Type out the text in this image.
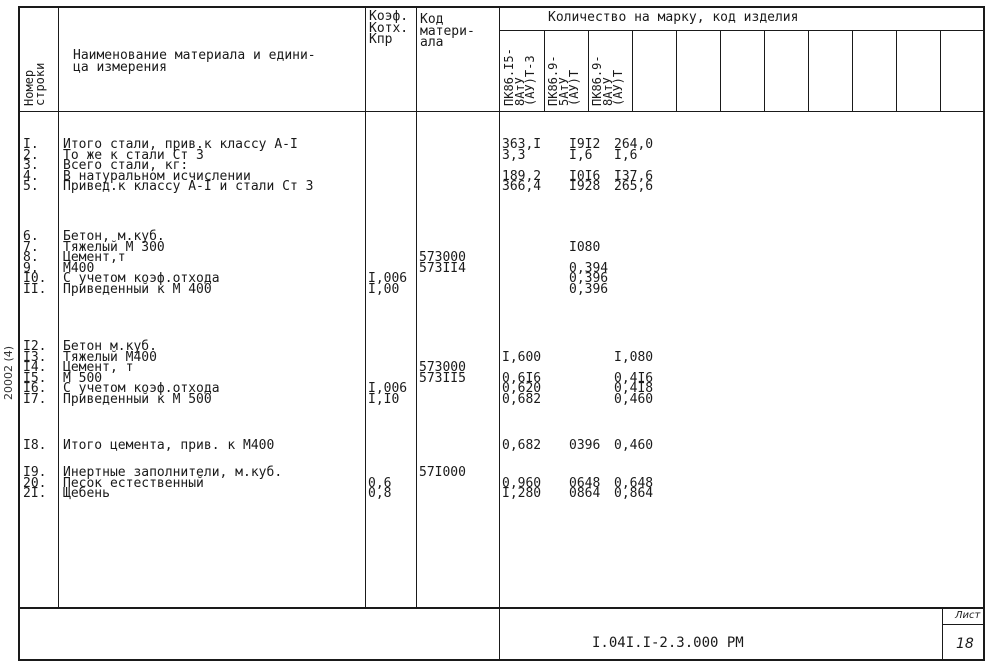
Номер
строки
Наименование материала и едини-
ца измерения
Коэф.
Котх.
Кпр
Код
матери-
ала
Количество на марку, код изделия
ПК86.I5-
8АтУ
(АУ)Т-3 ПК86.9-
5АтУ
(АУ)Т ПК86.9-
8АтУ
(АУ)Т
I.
2.
3.
4.
5.
Итого стали, прив.к классу А-I
То же к стали Ст 3
Всего стали, кг:
В натуральном исчислении
Привед.к классу А-I и стали Ст 3
363,I
3,3

189,2
366,4
I9I2
I,6

I0I6
I928
264,0
I,6

I37,6
265,6
6.
7.
8.
9.
I0.
II.
Бетон, м.куб.
Тяжелый М 300
Цемент,т
М400
С учетом коэф.отхода
Приведенный к М 400

I,006
I,00

573000
573II4

I080

0,394
0,396
0,396
I2.
I3.
I4.
I5.
I6.
I7.
Бетон м.куб.
Тяжелый М400
Цемент, т
М 500
С учетом коэф.отхода
Приведенный к М 500

I,006
I,I0

573000
573II5

I,600

0,6I6
0,620
0,682

I,080

0,4I6
0,4I8
0,460
I8. Итого цемента, прив. к М400	0,682 0396 0,460
I9.
20.
2I.
Инертные заполнители, м.куб.
Песок естественный
Щебень

0,6
0,8
57I000

0,960
I,280

0648
0864

0,648
0,864
I.04I.I-2.3.000 РМ
Лист
18
20002 (4)
